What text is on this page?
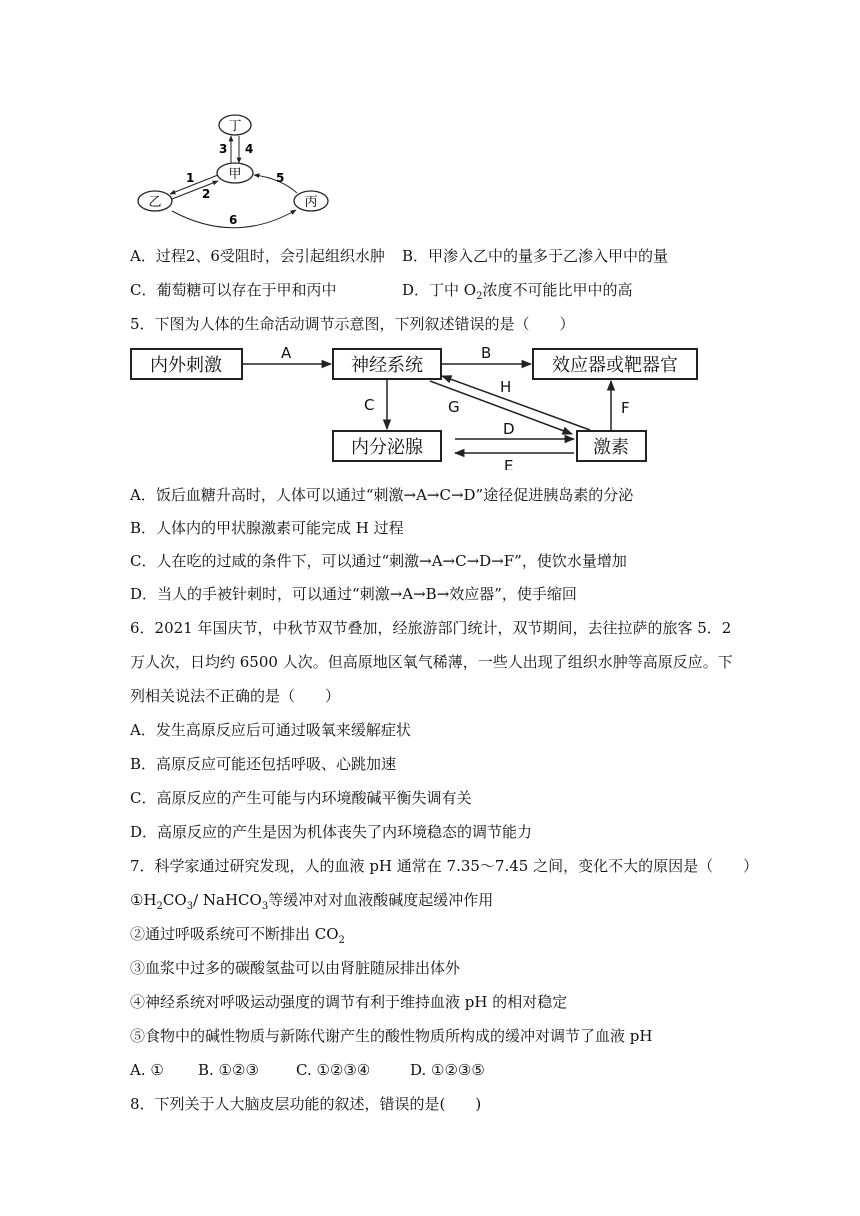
丁
甲
乙	丙
3 4
1
2
5
6
A．过程2、6受阻时，会引起组织水肿 B．甲渗入乙中的量多于乙渗入甲中的量
C．葡萄糖可以存在于甲和丙中	D．丁中 $O_2$浓度不可能比甲中的高
5．下图为人体的生命活动调节示意图，下列叙述错误的是（　　）
内外刺激	神经系统	效应器或靶器官
内分泌腺	激素
A	B
C	F
G
H
D
E
A．饭后血糖升高时，人体可以通过“刺激→A→C→D”途径促进胰岛素的分泌
B．人体内的甲状腺激素可能完成 H 过程
C．人在吃的过咸的条件下，可以通过“刺激→A→C→D→F”，使饮水量增加
D．当人的手被针刺时，可以通过“刺激→A→B→效应器”，使手缩回
6．2021 年国庆节，中秋节双节叠加，经旅游部门统计，双节期间，去往拉萨的旅客 5．2
万人次，日均约 6500 人次。但高原地区氧气稀薄，一些人出现了组织水肿等高原反应。下
列相关说法不正确的是（　　）
A．发生高原反应后可通过吸氧来缓解症状
B．高原反应可能还包括呼吸、心跳加速
C．高原反应的产生可能与内环境酸碱平衡失调有关
D．高原反应的产生是因为机体丧失了内环境稳态的调节能力
7．科学家通过研究发现，人的血液 pH 通常在 7.35～7.45 之间，变化不大的原因是（　　）
$①H_2CO_3/$ NaHCO$_3$等缓冲对对血液酸碱度起缓冲作用
②通过呼吸系统可不断排出 $CO_2$
③血浆中过多的碳酸氢盐可以由肾脏随尿排出体外
④神经系统对呼吸运动强度的调节有利于维持血液 pH 的相对稳定
⑤食物中的碱性物质与新陈代谢产生的酸性物质所构成的缓冲对调节了血液 pH
A. ① B. ①②③ C. ①②③④	D. ①②③⑤
8．下列关于人大脑皮层功能的叙述，错误的是(　　)
